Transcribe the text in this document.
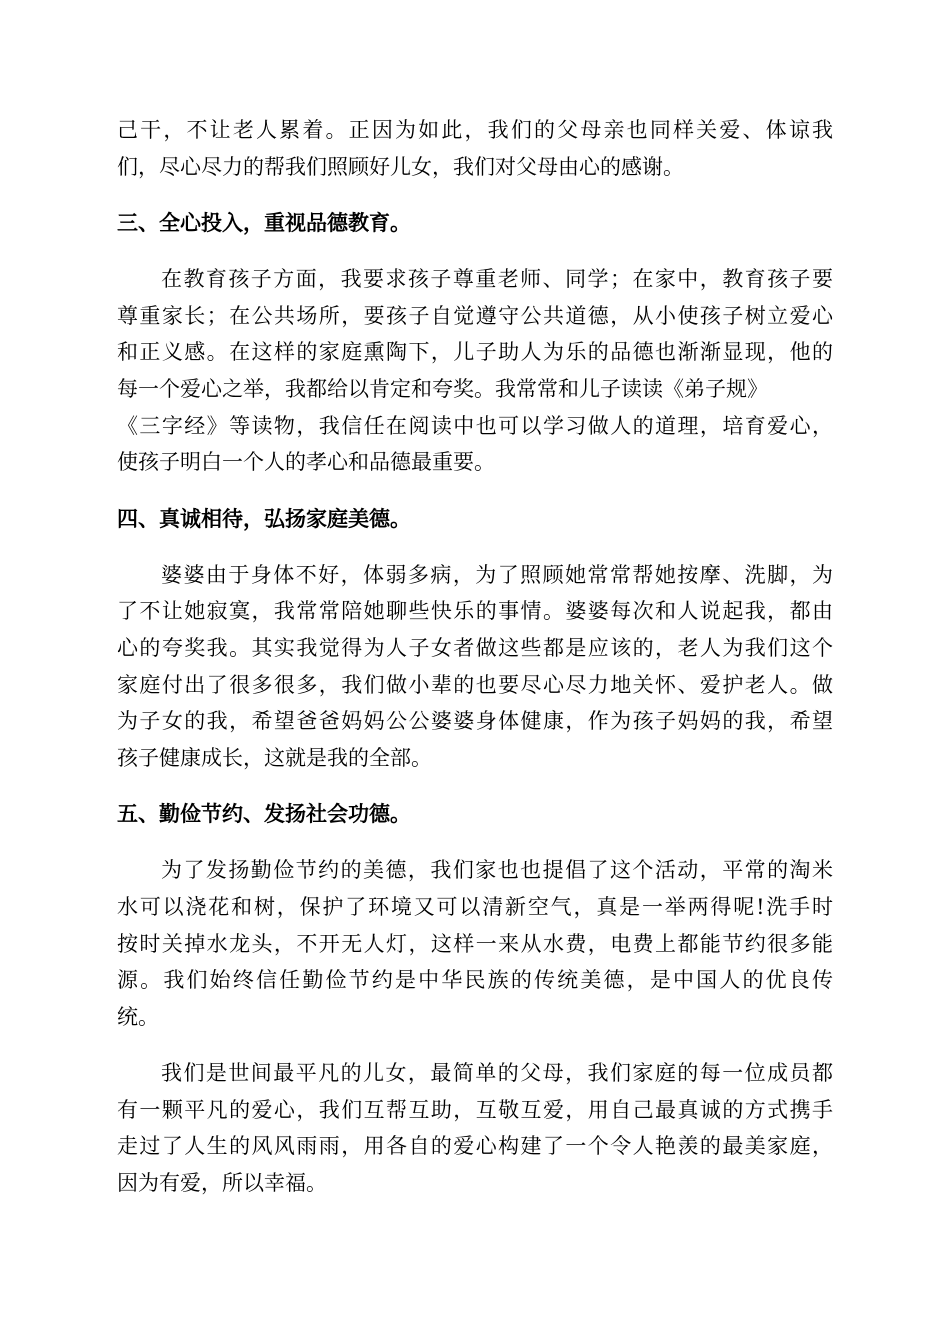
己干，不让老人累着。正因为如此，我们的父母亲也同样关爱、体谅我
们，尽心尽力的帮我们照顾好儿女，我们对父母由心的感谢。
三、全心投入，重视品德教育。
在教育孩子方面，我要求孩子尊重老师、同学；在家中，教育孩子要
尊重家长；在公共场所，要孩子自觉遵守公共道德，从小使孩子树立爱心
和正义感。在这样的家庭熏陶下，儿子助人为乐的品德也渐渐显现，他的
每一个爱心之举，我都给以肯定和夸奖。我常常和儿子读读《弟子规》
《三字经》等读物，我信任在阅读中也可以学习做人的道理，培育爱心，
使孩子明白一个人的孝心和品德最重要。
四、真诚相待，弘扬家庭美德。
婆婆由于身体不好，体弱多病，为了照顾她常常帮她按摩、洗脚，为
了不让她寂寞，我常常陪她聊些快乐的事情。婆婆每次和人说起我，都由
心的夸奖我。其实我觉得为人子女者做这些都是应该的，老人为我们这个
家庭付出了很多很多，我们做小辈的也要尽心尽力地关怀、爱护老人。做
为子女的我，希望爸爸妈妈公公婆婆身体健康，作为孩子妈妈的我，希望
孩子健康成长，这就是我的全部。
五、勤俭节约、发扬社会功德。
为了发扬勤俭节约的美德，我们家也也提倡了这个活动，平常的淘米
水可以浇花和树，保护了环境又可以清新空气，真是一举两得呢!洗手时
按时关掉水龙头，不开无人灯，这样一来从水费，电费上都能节约很多能
源。我们始终信任勤俭节约是中华民族的传统美德，是中国人的优良传
统。
我们是世间最平凡的儿女，最简单的父母，我们家庭的每一位成员都
有一颗平凡的爱心，我们互帮互助，互敬互爱，用自己最真诚的方式携手
走过了人生的风风雨雨，用各自的爱心构建了一个令人艳羡的最美家庭，
因为有爱，所以幸福。
